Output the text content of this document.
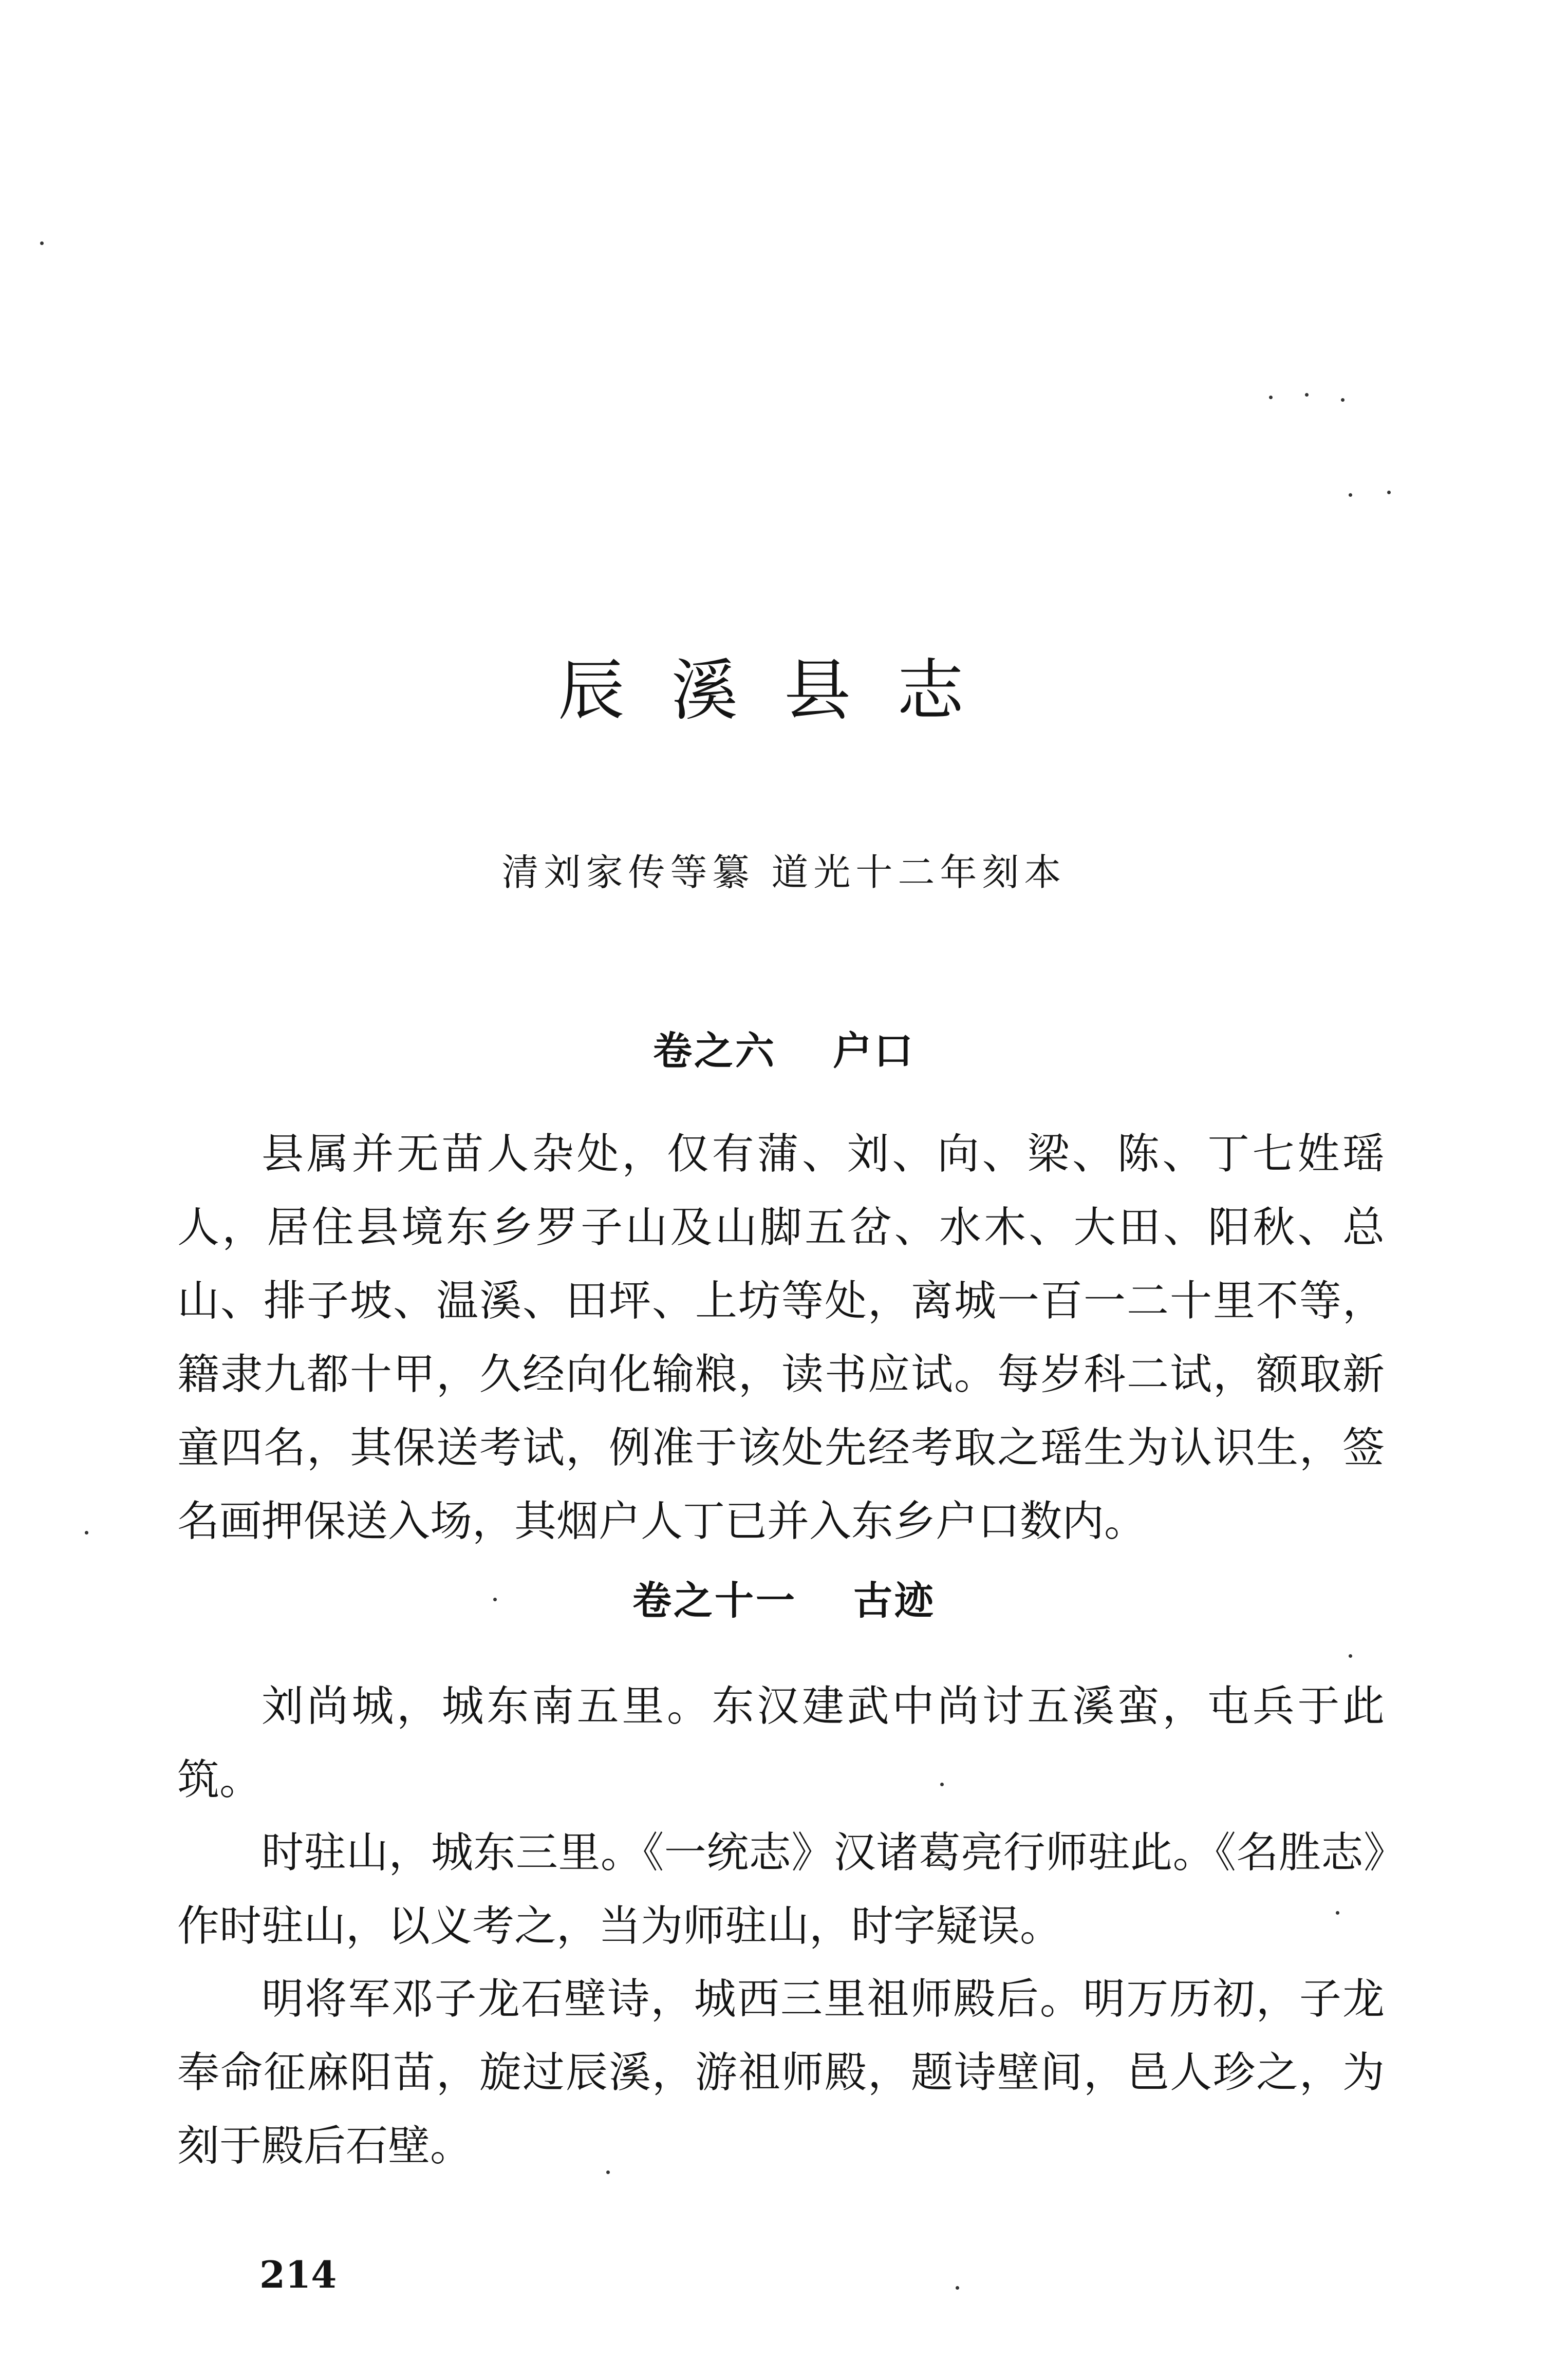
辰溪县志
清刘家传等纂 道光十二年刻本
卷之六 户口

县属并无苗人杂处，仅有蒲、刘、向、梁、陈、丁七姓瑶人，居住县境东乡罗子山及山脚五岔、水木、大田、阳秋、总山、排子坡、温溪、田坪、上坊等处，离城一百一二十里不等，籍隶九都十甲，久经向化输粮，读书应试。每岁科二试，额取新童四名，其保送考试，例准于该处先经考取之瑶生为认识生，签名画押保送入场，其烟户人丁已并入东乡户口数内。

卷之十一 古迹

刘尚城，城东南五里。东汉建武中尚讨五溪蛮，屯兵于此筑。

时驻山，城东三里。《一统志》汉诸葛亮行师驻此。《名胜志》作时驻山，以义考之，当为师驻山，时字疑误。

明将军邓子龙石壁诗，城西三里祖师殿后。明万历初，子龙奉命征麻阳苗，旋过辰溪，游祖师殿，题诗壁间，邑人珍之，为刻于殿后石壁。

214
